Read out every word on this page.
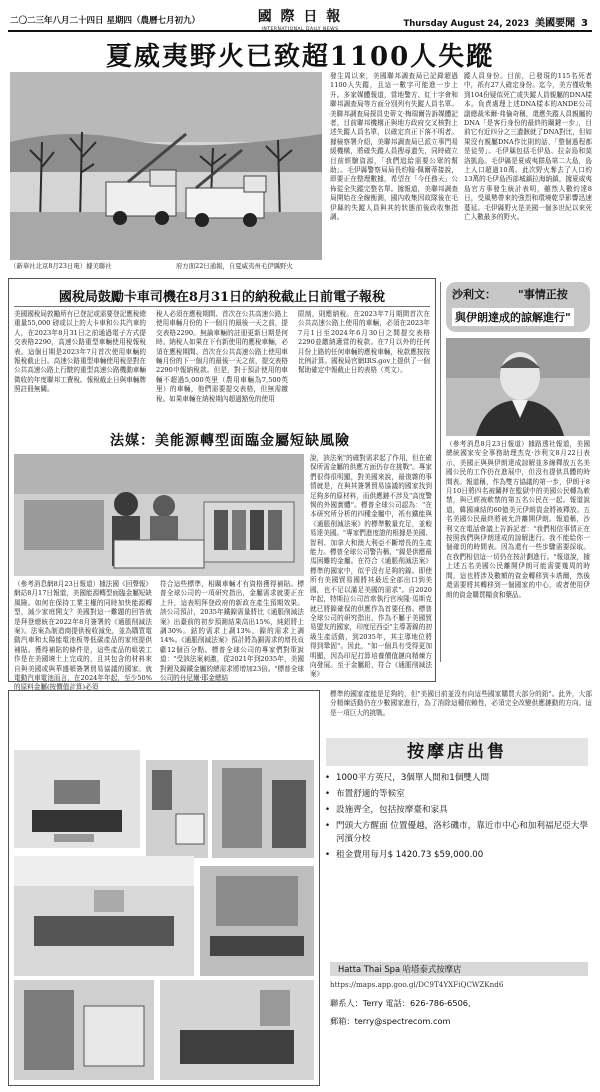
二〇二三年八月二十四日 星期四（農曆七月初九）	國 際 日 報	Thursday August 24, 2023 美國要聞 3
夏威夷野火已致超1100人失蹤
（新華社北京8月23日電）據美聯社	府方面22日通報，自夏威夷州毛伊縣野火
發生周以來，美國聯邦調查局已記錄超過1100人失蹤，且這一數字可能進一步上升。多家媒體報道，當地警方、紅十字會和聯邦調查局等方面分別列有失蹤人員名單。美聯邦調查局探員史蒂文·梅瑞爾告訴媒體記者，目前聯邦機構正與地方政府交叉核對上述失蹤人員名單，以確定真正下落不明者。據檢察署介紹，美聯邦調查局已派立事門易緩機構，將確失蹤人員搜尋遺失，同時確立目前經驗資源，「我們追給需要公眾的幫助」。毛伊縣警察局局長約翰·佩爾蒂接說，即要正在整理數據，希望在「今任務天」公佈從全失蹤完整名單。據報道，美聯邦調查局開始在全線衡測，國內收集因故隊後在毛伊縣的失蹤人員與其的狀態前後政收集指調。
蹤人員身份。目前，已發現的115名死者中，祇有27人確定身份。迄今，美方僅收集到104份疑似死亡或失蹤人員親屬的DNA樣本。負責處理上述DNA樣本的ANDE公司副總裁米爾·弗倫奇稱，還應失蹤人員親屬的DNA「是客行身份的最終的關鍵一步」，目前它有近四分之三遺骸就了DNA對比，但如果沒有親屬DNA作比則的話，「整個過程都是徒勞」。毛伊縣包括毛伊島、拉奈島和莫洛凱島。毛伊縣是夏威夷群島第二大島，島上人口超過10萬。此次野火奪去了人口約13萬的毛伊島西部城鎮拉海納鎮，據夏威夷島官方事發生統計表明，雖然人數約達8日，受風勢帶來的強烈和環境乾旱影響迅速蔓延。毛伊縣野火是美國一個多世紀以來死亡人數最多的野火。
國稅局鼓勵卡車司機在8月31日的納稅截止日前電子報稅
美國國稅局敦勵所有已登記或需要登記應稅總重量55,000 磅或以上的大卡車和公共汽車的人，在2023年8月31日之前通過電子方式提交表格2290，高速公路重型車輛使用稅報稅表。這個日期是2023年7月首次使用車輛的報稅截止日。高速公路重型車輛使用稅是對在公共高速公路上行駛的重型高速公路機動車輛徵收的年度聯邦工費稅。報稅截止日與車輛牌照註冊無關。
稅人必須在應稅期間、首次在公共高速公路上使用車輛月份的下一個月的最後一天之前，提交表格2290。無論車輛的註冊更新日期是何時。納稅人如果在下有新使用的應稅車輛，必須在應稅期間、首次在公共高速公路上使用車輛月份的下一個月的最後一天之前，提交表格2290申報納稅款。但是，對于預計使用的車輛不超過5,000英里（農用車輛為7,500英里）的車輛，他們需要提交表格，但無需繳稅。如果車輛在納稅期內超過豁免的使用
限制，則應納稅。在2023年7月期間首次在公共高速公路上使用的車輛，必須在2023年7月1日至2024年6月30日之間提交表格2290並繳納適當的稅款。在7月以外的任何月份上路的任何車輛的應稅車輛，稅款應按按比例計算。國稅局官網IRS.gov上提供了一個幫助確定中報截止日的表格（英文）。
法媒：美能源轉型面臨金屬短缺風險
（參考消息網8月23日報道）據法國《回聲報》網站8月17日報道，美國能源轉型面臨金屬短缺風險。如何在保持工業主權的同時加快能源轉型，減少家庭開支？美國對這一難題的回答就是拜登總統在2022年8月簽署的《通脹削減法案》。法案為制造商提供稅收減免，並為購買電動汽車和太陽能電池板等低碳產品的家庭提供補貼。獲得補貼的條件是，這些產品的組裝工作是在美國境土上完成的，且其包含的材料來自與美國或與華盛頓簽署貿易協議的國家。就電動汽車電池而言，在2024年年起，至少50%的原料金屬(按價值計算)必須
符合這些標準，相關車輛才有資格獲得補貼。標普全球公司的一項研究指出，金屬需求就要正在上升，這表明拜登政府的新政在產生預期效果。該公司預計，2035年鐵鎳需量將比《通脹削減法案》出臺前的初步預測結果高出15%，純鋁將上調30%。鈷的需求上調13%，鎳的需求上調14%。《通脹削減法案》預計將為銅需求的增長貢獻12個百分點。標普全球公司的專家們對策說道："受該法案刺激，從2021年到2035年，美國對鋰及鎳鐵金屬的總需求將增加23倍。"標普全球公司的丹尼爾·耶金總結
說，該法案"的確對需求起了作用，但在確保所需金屬的供應方面仍存在挑戰"。專家們很得很明顯，對美國來說，最復雜的事情就是，在與其簽署貿易協議的國家找到足夠多的原材料，而供應鏈不涉及"高度警惕的外國實體"。標普全球公司認為："在本研究所分析的四種金屬中，祇有鐵能與《通脹削減法案》的標準數量充足，並較易達美國。"專家們進度證的根據是美國、智利、加拿大和澳大利亞不斷增長的生產能力。標普全球公司警告稱，"鎳是供應最馬困難的金屬。在符合《通脹削減法案》標準的國家中，似乎沒有足夠的鎳。即使所有美國貿易國將其最近全部出口到美國，也不足以滿足美國的需求"。自2020年起，特斯拉公司首席執行官埃隆·馬斯克就已將鎳確保的供應作為首要任務。標普全球公司的研究指出，作為不屬于美國貿易盟友的國家，印度尼西亞"主導著鎳的初級生產活動，到2035年，其主導地位將得到鞏固"。因此，"如一個具有受得更加明顯，因為印尼打算培養價值鏈向精煉方向發展。至于金屬鉛，符合《通脹削減法案》
沙利文： "事情正按
與伊朗達成的諒解進行"
（參考消息8月23日報道）據路透社報道，美國總統國家安全事務助理杰克·沙利文8月22日表示，美國正與與伊朗達成諒解並多線釋放五名美國公民的工作仍在進展中，但沒有提供具體的時間表。報道稱，作為雙方協議的第一步，伊朗于8月10日將四名被關押在監獄中的美國公民轉為軟禁，與已經被軟禁的第五名公民在一起。報道說道，韓國凍結的60億美元伊朗資金將被釋放。五名美國公民最終將被允許離開伊朗。報道稱，沙利文在電話會議上告訴記者："我們相信事情正在按照我們與伊朗達成的諒解進行。我不能給你一個確切的時間表。因為還有一些步驟需要採取。在我們相信這一切仍在按計劃進行。"報道說，據上述五名美國公民離開伊朗可能需要幾周的時間，這也將涉及數額的資金轉移到卡塔爾，然後還需要將其轉移到一個國家的中心，或者使用伊朗的資金購買糧食和藥品。
標準的國家產能是足夠的，但"美國目前並沒有向這些國家購買大部分的鉛"。此外，大部分精煉活動仍在少數國家進行，為了消除這種依賴性，必須完全改變供應鏈動的方向。這是一項巨大的挑戰。
按摩店出售
• 1000平方英尺，3個單人間和1個雙人間
• 布置舒適的等候室
• 設施齊全，包括按摩臺和家具
• 門頭大方醒面 位置優越，洛杉磯市，靠近市中心和加利福尼亞大學河濱分校
• 租金費用每月$ 1420.73 $59,000.00
Hatta Thai Spa 哈塔泰式按摩店
https://maps.app.goo.gl/DC9T4YXFiQCWZKnd6
聯系人：Terry 電話：626-786-6506,
郵箱：terry@spectrecom.com
